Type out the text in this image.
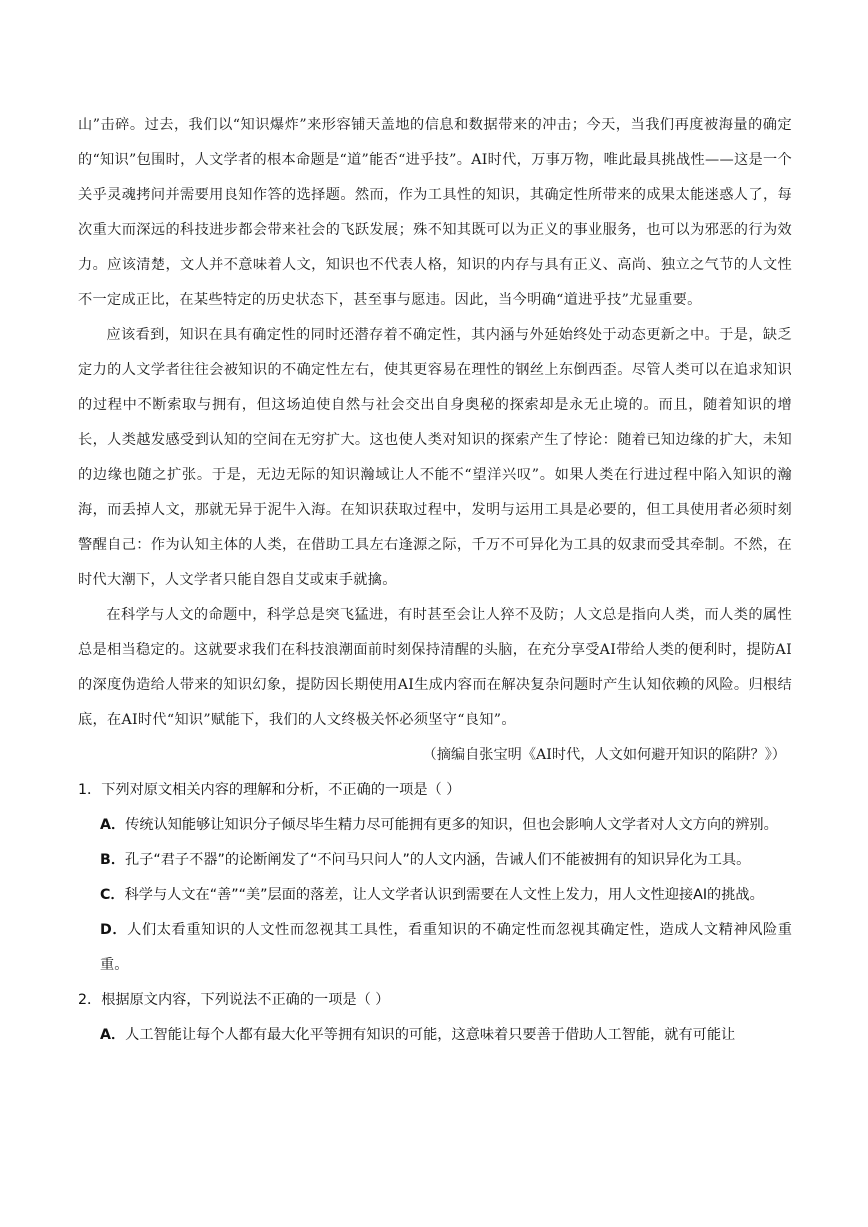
山”击碎。过去，我们以“知识爆炸”来形容铺天盖地的信息和数据带来的冲击；今天，当我们再度被海量的确定的“知识”包围时，人文学者的根本命题是“道”能否“进乎技”。AI时代，万事万物，唯此最具挑战性——这是一个关乎灵魂拷问并需要用良知作答的选择题。然而，作为工具性的知识，其确定性所带来的成果太能迷惑人了，每次重大而深远的科技进步都会带来社会的飞跃发展；殊不知其既可以为正义的事业服务，也可以为邪恶的行为效力。应该清楚，文人并不意味着人文，知识也不代表人格，知识的内存与具有正义、高尚、独立之气节的人文性不一定成正比，在某些特定的历史状态下，甚至事与愿违。因此，当今明确“道进乎技”尤显重要。

应该看到，知识在具有确定性的同时还潜存着不确定性，其内涵与外延始终处于动态更新之中。于是，缺乏定力的人文学者往往会被知识的不确定性左右，使其更容易在理性的钢丝上东倒西歪。尽管人类可以在追求知识的过程中不断索取与拥有，但这场迫使自然与社会交出自身奥秘的探索却是永无止境的。而且，随着知识的增长，人类越发感受到认知的空间在无穷扩大。这也使人类对知识的探索产生了悖论：随着已知边缘的扩大，未知的边缘也随之扩张。于是，无边无际的知识瀚域让人不能不“望洋兴叹”。如果人类在行进过程中陷入知识的瀚海，而丢掉人文，那就无异于泥牛入海。在知识获取过程中，发明与运用工具是必要的，但工具使用者必须时刻警醒自己：作为认知主体的人类，在借助工具左右逢源之际，千万不可异化为工具的奴隶而受其牵制。不然，在时代大潮下，人文学者只能自怨自艾或束手就擒。

在科学与人文的命题中，科学总是突飞猛进，有时甚至会让人猝不及防；人文总是指向人类，而人类的属性总是相当稳定的。这就要求我们在科技浪潮面前时刻保持清醒的头脑，在充分享受AI带给人类的便利时，提防AI的深度伪造给人带来的知识幻象，提防因长期使用AI生成内容而在解决复杂问题时产生认知依赖的风险。归根结底，在AI时代“知识”赋能下，我们的人文终极关怀必须坚守“良知”。

（摘编自张宝明《AI时代，人文如何避开知识的陷阱？》）

1．下列对原文相关内容的理解和分析，不正确的一项是（ ）

A．传统认知能够让知识分子倾尽毕生精力尽可能拥有更多的知识，但也会影响人文学者对人文方向的辨别。

B．孔子“君子不器”的论断阐发了“不问马只问人”的人文内涵，告诫人们不能被拥有的知识异化为工具。

C．科学与人文在“善”“美”层面的落差，让人文学者认识到需要在人文性上发力，用人文性迎接AI的挑战。

D．人们太看重知识的人文性而忽视其工具性，看重知识的不确定性而忽视其确定性，造成人文精神风险重重。

2．根据原文内容，下列说法不正确的一项是（ ）

A．人工智能让每个人都有最大化平等拥有知识的可能，这意味着只要善于借助人工智能，就有可能让
